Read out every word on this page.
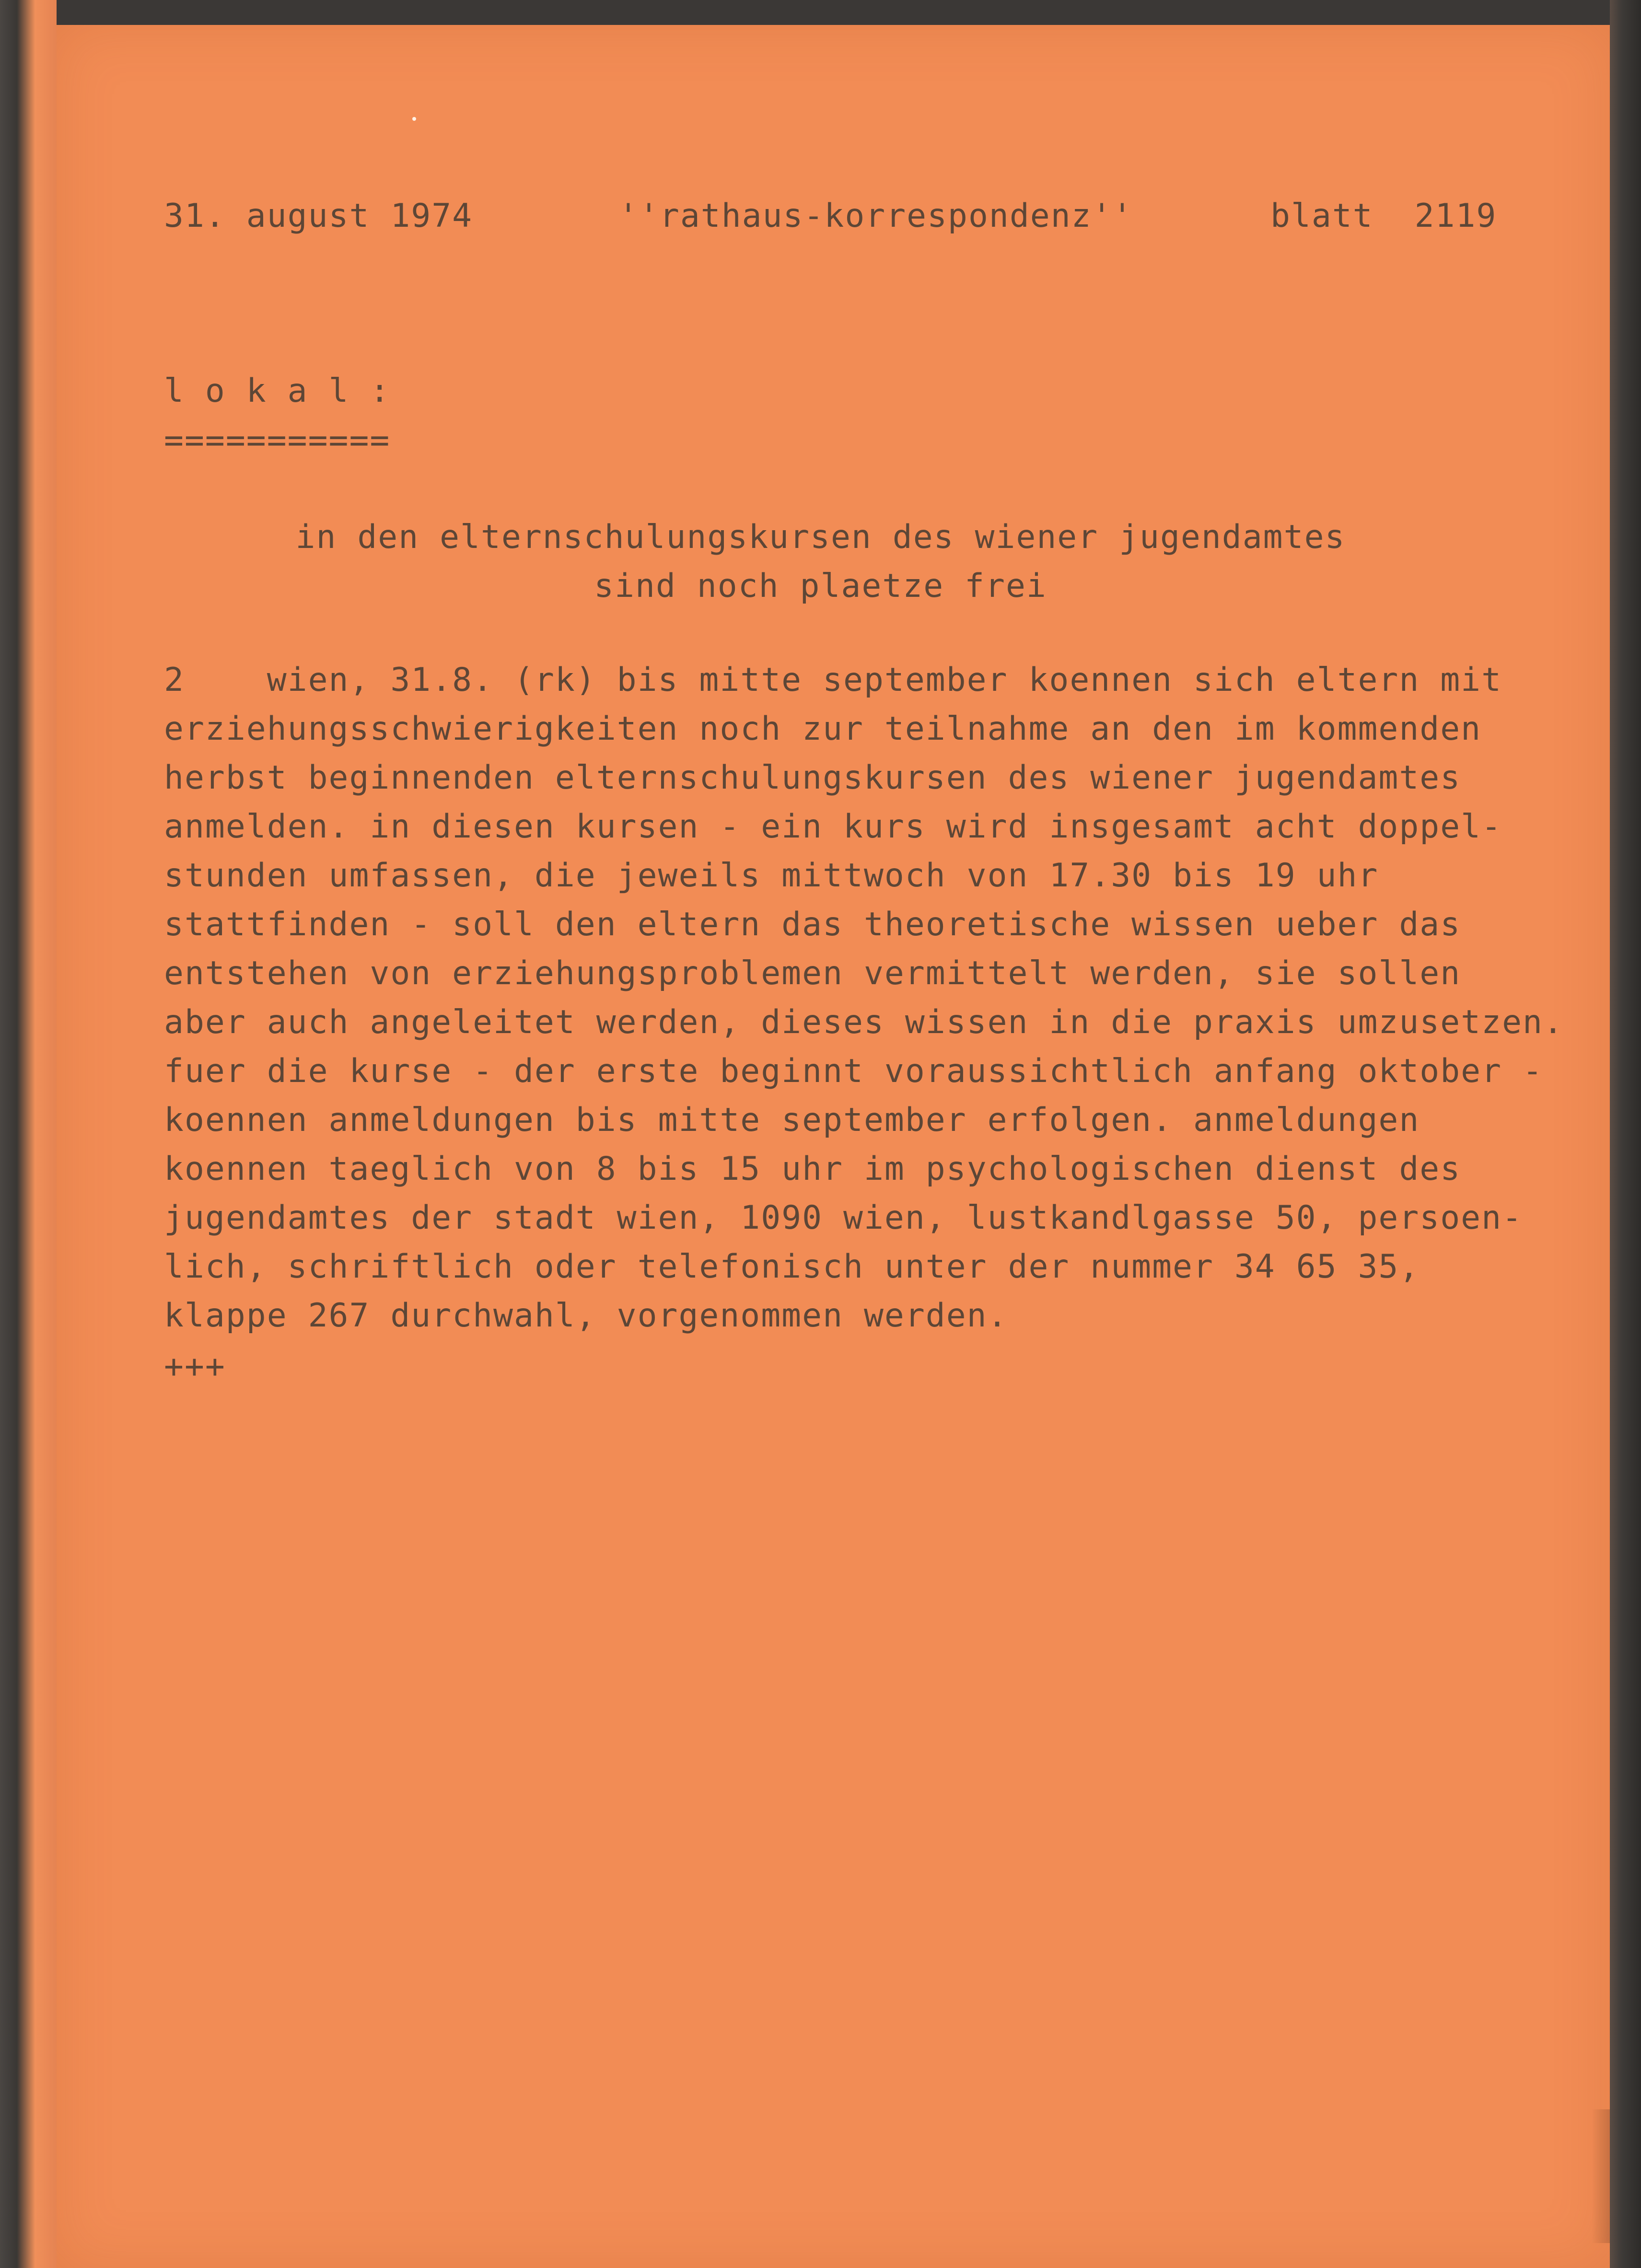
31. august 1974	''rathaus-korrespondenz''	blatt  2119
l o k a l :
===========
in den elternschulungskursen des wiener jugendamtes
sind noch plaetze frei
2    wien, 31.8. (rk) bis mitte september koennen sich eltern mit
erziehungsschwierigkeiten noch zur teilnahme an den im kommenden
herbst beginnenden elternschulungskursen des wiener jugendamtes
anmelden. in diesen kursen - ein kurs wird insgesamt acht doppel-
stunden umfassen, die jeweils mittwoch von 17.30 bis 19 uhr
stattfinden - soll den eltern das theoretische wissen ueber das
entstehen von erziehungsproblemen vermittelt werden, sie sollen
aber auch angeleitet werden, dieses wissen in die praxis umzusetzen.
fuer die kurse - der erste beginnt voraussichtlich anfang oktober -
koennen anmeldungen bis mitte september erfolgen. anmeldungen
koennen taeglich von 8 bis 15 uhr im psychologischen dienst des
jugendamtes der stadt wien, 1090 wien, lustkandlgasse 50, persoen-
lich, schriftlich oder telefonisch unter der nummer 34 65 35,
klappe 267 durchwahl, vorgenommen werden.
+++
